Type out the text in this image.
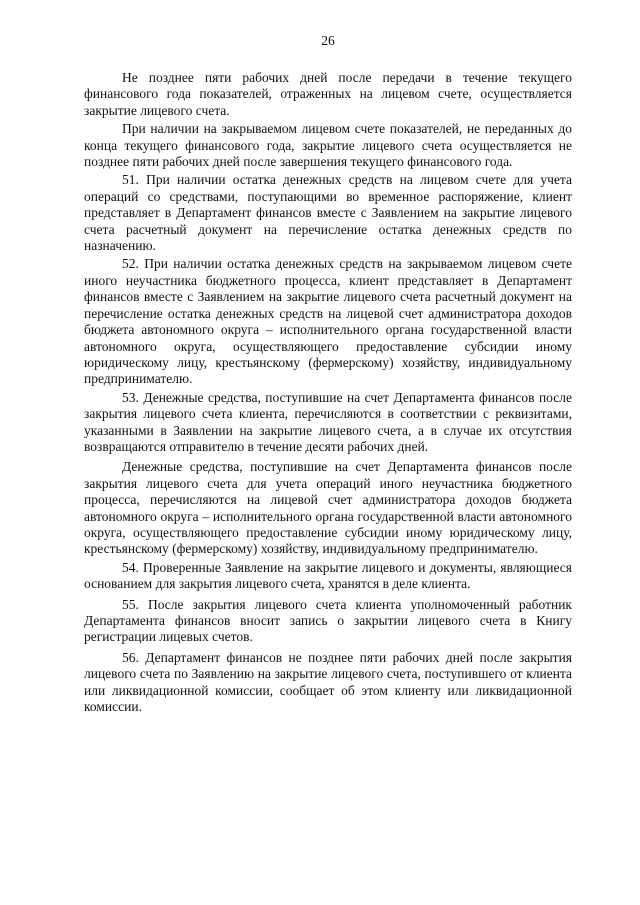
26

Не позднее пяти рабочих дней после передачи в течение текущего финансового года показателей, отраженных на лицевом счете, осуществляется закрытие лицевого счета.

При наличии на закрываемом лицевом счете показателей, не переданных до конца текущего финансового года, закрытие лицевого счета осуществляется не позднее пяти рабочих дней после завершения текущего финансового года.

51. При наличии остатка денежных средств на лицевом счете для учета операций со средствами, поступающими во временное распоряжение, клиент представляет в Департамент финансов вместе с Заявлением на закрытие лицевого счета расчетный документ на перечисление остатка денежных средств по назначению.

52. При наличии остатка денежных средств на закрываемом лицевом счете иного неучастника бюджетного процесса, клиент представляет в Департамент финансов вместе с Заявлением на закрытие лицевого счета расчетный документ на перечисление остатка денежных средств на лицевой счет администратора доходов бюджета автономного округа – исполнительного органа государственной власти автономного округа, осуществляющего предоставление субсидии иному юридическому лицу, крестьянскому (фермерскому) хозяйству, индивидуальному предпринимателю.

53. Денежные средства, поступившие на счет Департамента финансов после закрытия лицевого счета клиента, перечисляются в соответствии с реквизитами, указанными в Заявлении на закрытие лицевого счета, а в случае их отсутствия возвращаются отправителю в течение десяти рабочих дней.

Денежные средства, поступившие на счет Департамента финансов после закрытия лицевого счета для учета операций иного неучастника бюджетного процесса, перечисляются на лицевой счет администратора доходов бюджета автономного округа – исполнительного органа государственной власти автономного округа, осуществляющего предоставление субсидии иному юридическому лицу, крестьянскому (фермерскому) хозяйству, индивидуальному предпринимателю.

54. Проверенные Заявление на закрытие лицевого и документы, являющиеся основанием для закрытия лицевого счета, хранятся в деле клиента.

55. После закрытия лицевого счета клиента уполномоченный работник Департамента финансов вносит запись о закрытии лицевого счета в Книгу регистрации лицевых счетов.

56. Департамент финансов не позднее пяти рабочих дней после закрытия лицевого счета по Заявлению на закрытие лицевого счета, поступившего от клиента или ликвидационной комиссии, сообщает об этом клиенту или ликвидационной комиссии.
